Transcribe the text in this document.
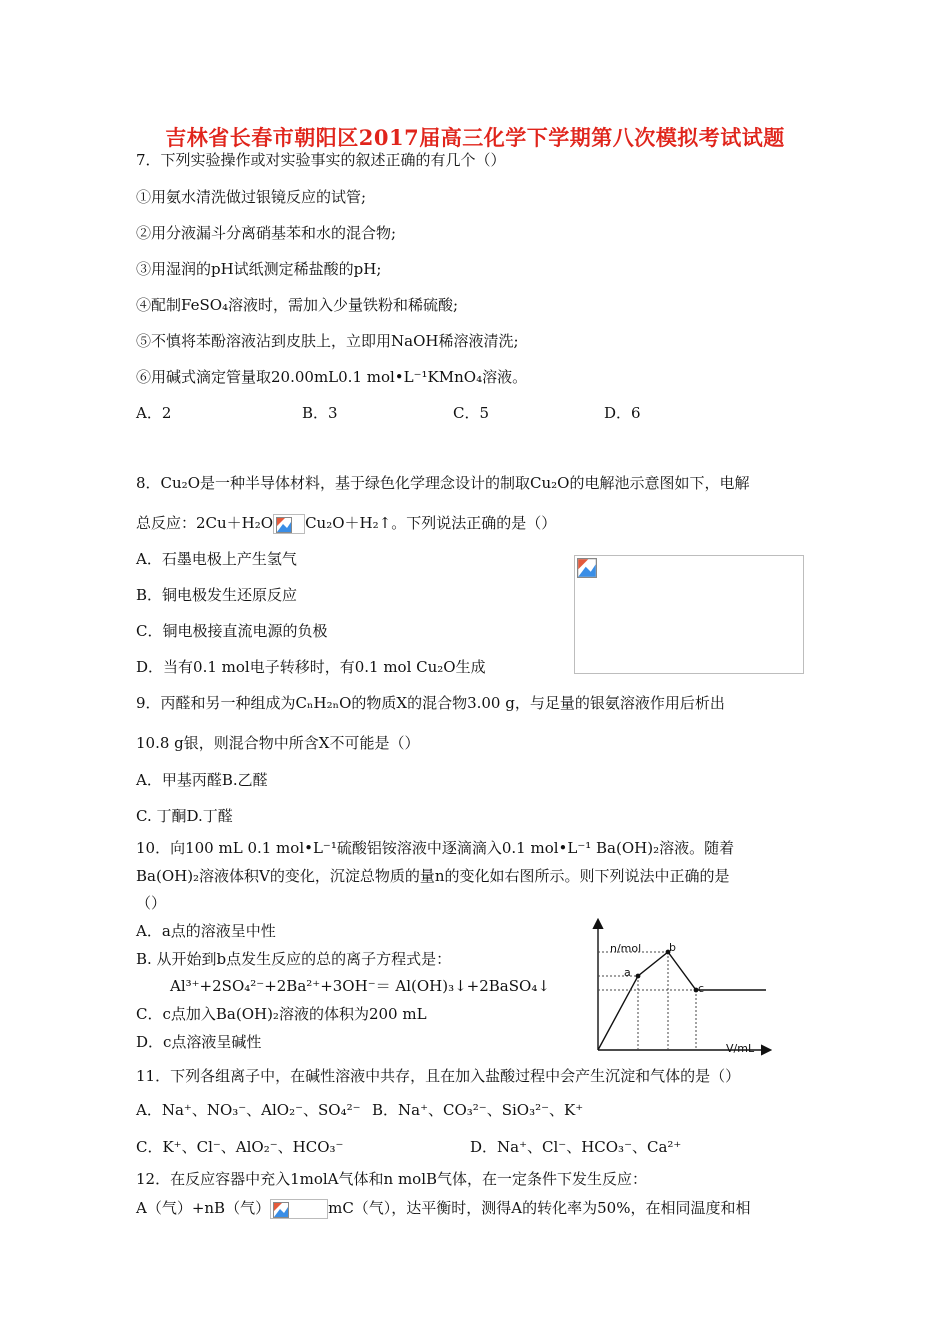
吉林省长春市朝阳区2017届高三化学下学期第八次模拟考试试题
7．下列实验操作或对实验事实的叙述正确的有几个（）
①用氨水清洗做过银镜反应的试管;
②用分液漏斗分离硝基苯和水的混合物;
③用湿润的pH试纸测定稀盐酸的pH;
④配制FeSO₄溶液时，需加入少量铁粉和稀硫酸;
⑤不慎将苯酚溶液沾到皮肤上，立即用NaOH稀溶液清洗;
⑥用碱式滴定管量取20.00mL0.1 mol•L⁻¹KMnO₄溶液。
A．2	B．3	C．5	D．6
8．Cu₂O是一种半导体材料，基于绿色化学理念设计的制取Cu₂O的电解池示意图如下，电解
总反应：2Cu＋H₂O Cu₂O＋H₂↑。下列说法正确的是（）
A．石墨电极上产生氢气
B．铜电极发生还原反应
C．铜电极接直流电源的负极
D．当有0.1 mol电子转移时，有0.1 mol Cu₂O生成
9．丙醛和另一种组成为CₙH₂ₙO的物质X的混合物3.00 g，与足量的银氨溶液作用后析出
10.8 g银，则混合物中所含X不可能是（）
A．甲基丙醛B.乙醛
C. 丁酮D.丁醛
10．向100 mL 0.1 mol•L⁻¹硫酸铝铵溶液中逐滴滴入0.1 mol•L⁻¹ Ba(OH)₂溶液。随着
Ba(OH)₂溶液体积V的变化，沉淀总物质的量n的变化如右图所示。则下列说法中正确的是
（）
A．a点的溶液呈中性
B. 从开始到b点发生反应的总的离子方程式是：
Al³⁺+2SO₄²⁻+2Ba²⁺+3OH⁻＝ Al(OH)₃↓+2BaSO₄↓
C．c点加入Ba(OH)₂溶液的体积为200 mL
D．c点溶液呈碱性
n/mol
V/mL
a
b
c
11．下列各组离子中，在碱性溶液中共存，且在加入盐酸过程中会产生沉淀和气体的是（）
A．Na⁺、NO₃⁻、AlO₂⁻、SO₄²⁻ B．Na⁺、CO₃²⁻、SiO₃²⁻、K⁺
C．K⁺、Cl⁻、AlO₂⁻、HCO₃⁻	D．Na⁺、Cl⁻、HCO₃⁻、Ca²⁺
12．在反应容器中充入1molA气体和n molB气体，在一定条件下发生反应：
A（气）+nB（气）	mC（气），达平衡时，测得A的转化率为50%，在相同温度和相
